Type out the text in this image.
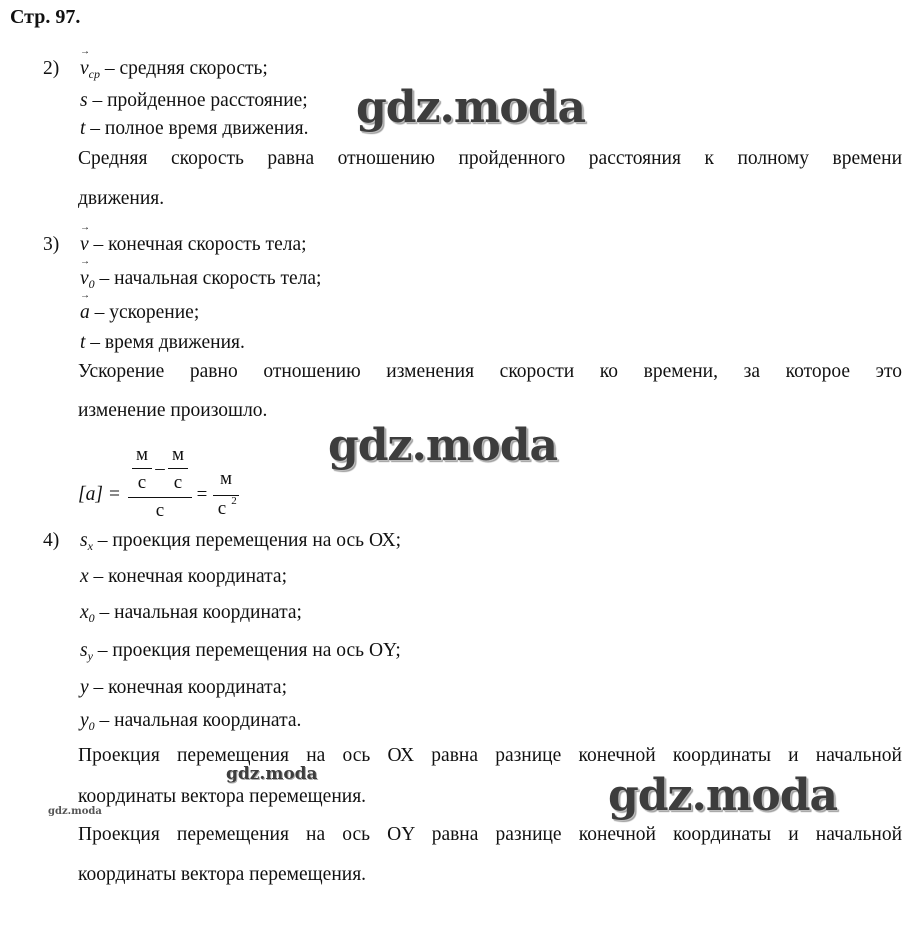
Стр. 97.
2)
→ $v_{ср}$ – средняя скорость;
s – пройденное расстояние;
t – полное время движения.
Средняя скорость равна отношению пройденного расстояния к полному времени
движения.
3)
→ v – конечная скорость тела;
→ $v_0$ – начальная скорость тела;
→ a – ускорение;
t – время движения.
Ускорение равно отношению изменения скорости ко времени, за которое это
изменение произошло.
[a] =
м
с
–
м
с
с
=
м
с 2
4) $s_x$ – проекция перемещения на ось ОХ;
x – конечная координата;
$x_0$ – начальная координата;
$s_y$ – проекция перемещения на ось ОY;
y – конечная координата;
$y_0$ – начальная координата.
Проекция перемещения на ось ОХ равна разнице конечной координаты и начальной
координаты вектора перемещения.
Проекция перемещения на ось ОY равна разнице конечной координаты и начальной
координаты вектора перемещения.
gdz.moda
gdz.moda
gdz.moda
gdz.moda
gdz.moda
